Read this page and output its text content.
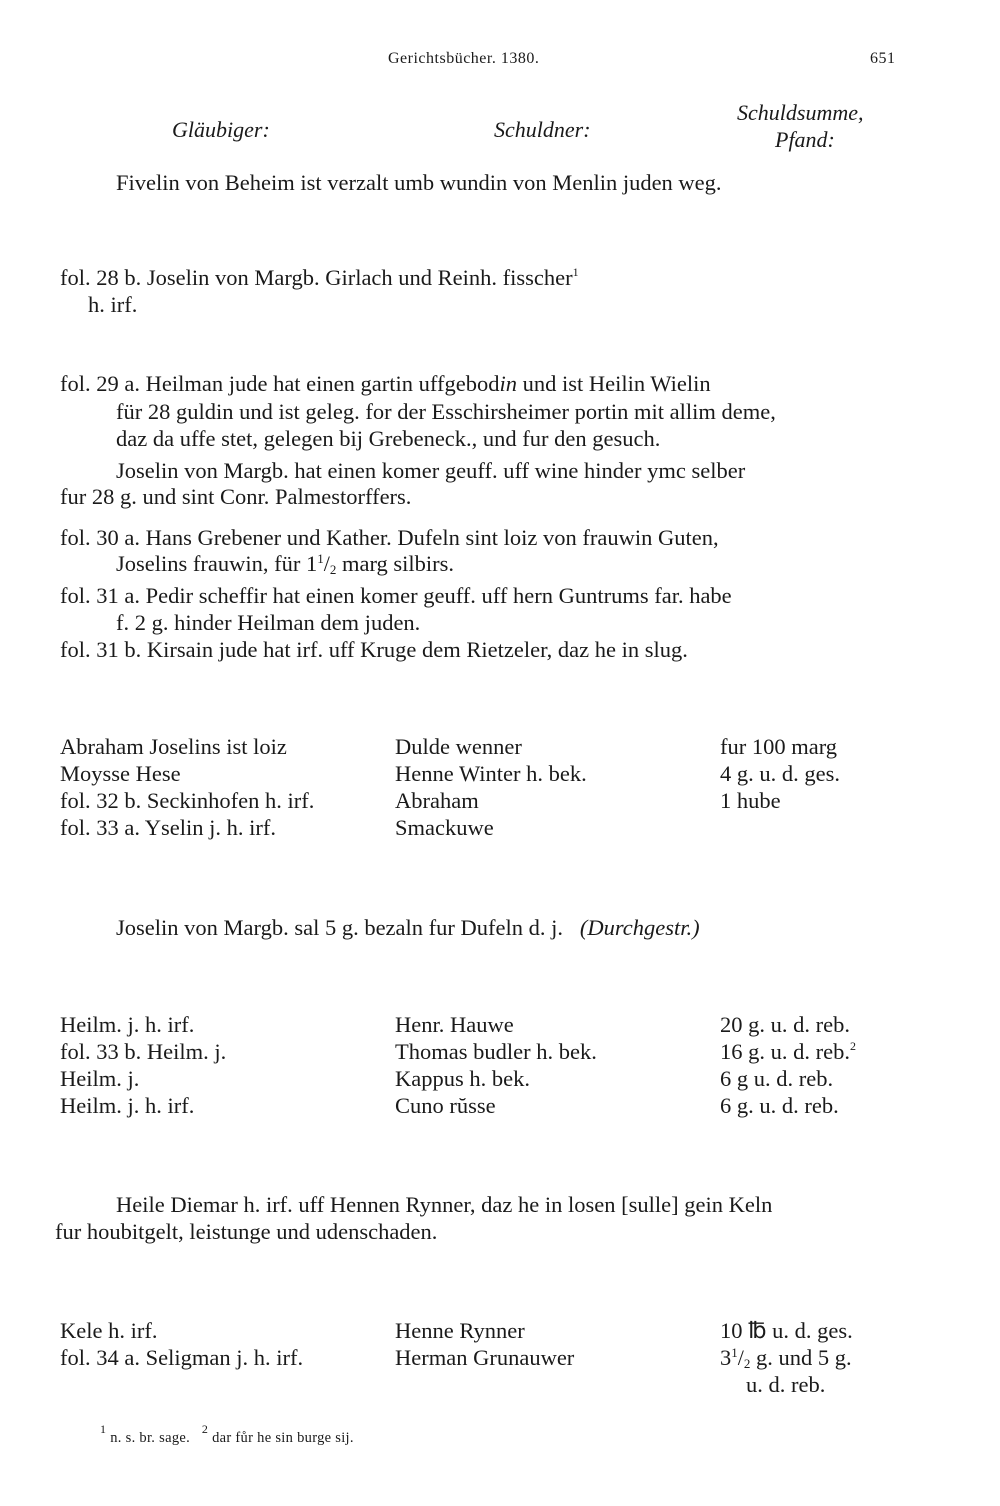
Gerichtsbücher. 1380.	651
Gläubiger:	Schuldner:
Schuldsumme,
Pfand:
Fivelin von Beheim ist verzalt umb wundin von Menlin juden weg.
fol. 28 b. Joselin von Margb. Girlach und Reinh. fisscher$^1$
h. irf.
fol. 29 a. Heilman jude hat einen gartin uffgebodin und ist Heilin Wielin
für 28 guldin und ist geleg. for der Esschirsheimer portin mit allim deme,
daz da uffe stet, gelegen bij Grebeneck., und fur den gesuch.
Joselin von Margb. hat einen komer geuff. uff wine hinder ymc selber
fur 28 g. und sint Conr. Palmestorffers.
fol. 30 a. Hans Grebener und Kather. Dufeln sint loiz von frauwin Guten,
Joselins frauwin, für $1^1/_2$ marg silbirs.
fol. 31 a. Pedir scheffir hat einen komer geuff. uff hern Guntrums far. habe
f. 2 g. hinder Heilman dem juden.
fol. 31 b. Kirsain jude hat irf. uff Kruge dem Rietzeler, daz he in slug.
Abraham Joselins ist loiz	Dulde wenner	fur 100 marg
Moysse Hese	Henne Winter h. bek.	4 g. u. d. ges.
fol. 32 b. Seckinhofen h. irf.	Abraham	1 hube
fol. 33 a. Yselin j. h. irf.	Smackuwe
Joselin von Margb. sal 5 g. bezaln fur Dufeln d. j. (Durchgestr.)
Heilm. j. h. irf.	Henr. Hauwe	20 g. u. d. reb.
fol. 33 b. Heilm. j.	Thomas budler h. bek.	16 g. u. d. reb.$^2$
Heilm. j.	Kappus h. bek.	6 g u. d. reb.
Heilm. j. h. irf.	Cuno rŭsse	6 g. u. d. reb.
Heile Diemar h. irf. uff Hennen Rynner, daz he in losen [sulle] gein Keln
fur houbitgelt, leistunge und udenschaden.
Kele h. irf.	Henne Rynner	10 ℔ u. d. ges.
fol. 34 a. Seligman j. h. irf.	Herman Grunauwer	$3^1/_2$ g. und 5 g.
u. d. reb.
$^1$ n. s. br. sage.   $^2$ dar fůr he sin burge sij.
